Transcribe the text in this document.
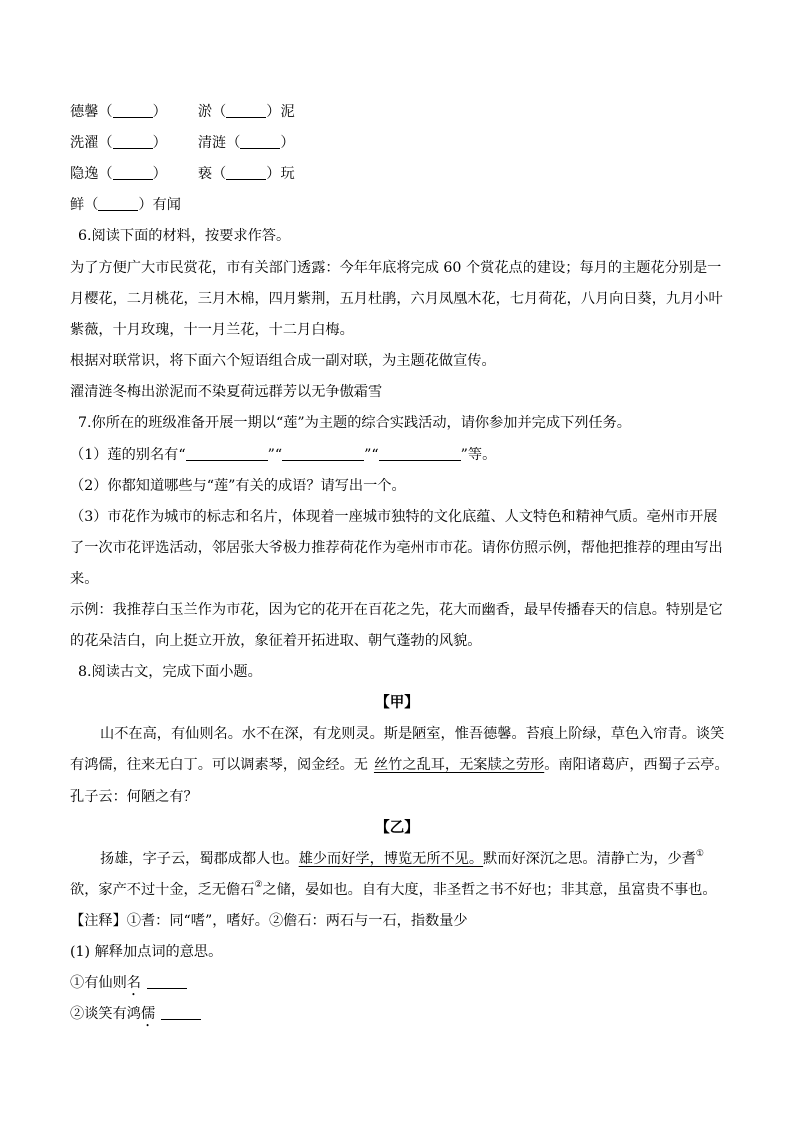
德馨（	） 淤（	）泥
洗濯（	） 清涟（	）
隐逸（	） 亵（	）玩
鲜（	）有闻
6.阅读下面的材料，按要求作答。
为了方便广大市民赏花，市有关部门透露：今年年底将完成 60 个赏花点的建设；每月的主题花分别是一
月樱花，二月桃花，三月木棉，四月紫荆，五月杜鹃，六月凤凰木花，七月荷花，八月向日葵，九月小叶
紫薇，十月玫瑰，十一月兰花，十二月白梅。
根据对联常识，将下面六个短语组合成一副对联，为主题花做宣传。
濯清涟冬梅出淤泥而不染夏荷远群芳以无争傲霜雪
7.你所在的班级准备开展一期以“莲”为主题的综合实践活动，请你参加并完成下列任务。
（1）莲的别名有“	”“	”“	”等。
（2）你都知道哪些与“莲”有关的成语？请写出一个。
（3）市花作为城市的标志和名片，体现着一座城市独特的文化底蕴、人文特色和精神气质。亳州市开展
了一次市花评选活动，邻居张大爷极力推荐荷花作为亳州市市花。请你仿照示例，帮他把推荐的理由写出
来。
示例：我推荐白玉兰作为市花，因为它的花开在百花之先，花大而幽香，最早传播春天的信息。特别是它
的花朵洁白，向上挺立开放，象征着开拓进取、朝气蓬勃的风貌。
8.阅读古文，完成下面小题。
【甲】
山不在高，有仙则名。水不在深，有龙则灵。斯是陋室，惟吾德馨。苔痕上阶绿，草色入帘青。谈笑
有鸿儒，往来无白丁。可以调素琴，阅金经。无 丝竹之乱耳，无案牍之劳形。南阳诸葛庐，西蜀子云亭。
孔子云：何陋之有？
【乙】
扬雄，字子云，蜀郡成都人也。雄少而好学，博览无所不见。默而好深沉之思。清静亡为，少耆①
欲，家产不过十金，乏无儋石②之储，晏如也。自有大度，非圣哲之书不好也；非其意，虽富贵不事也。
【注释】①耆：同“嗜”，嗜好。②儋石：两石与一石，指数量少
(1) 解释加点词的意思。
①有仙则名
②谈笑有鸿儒
